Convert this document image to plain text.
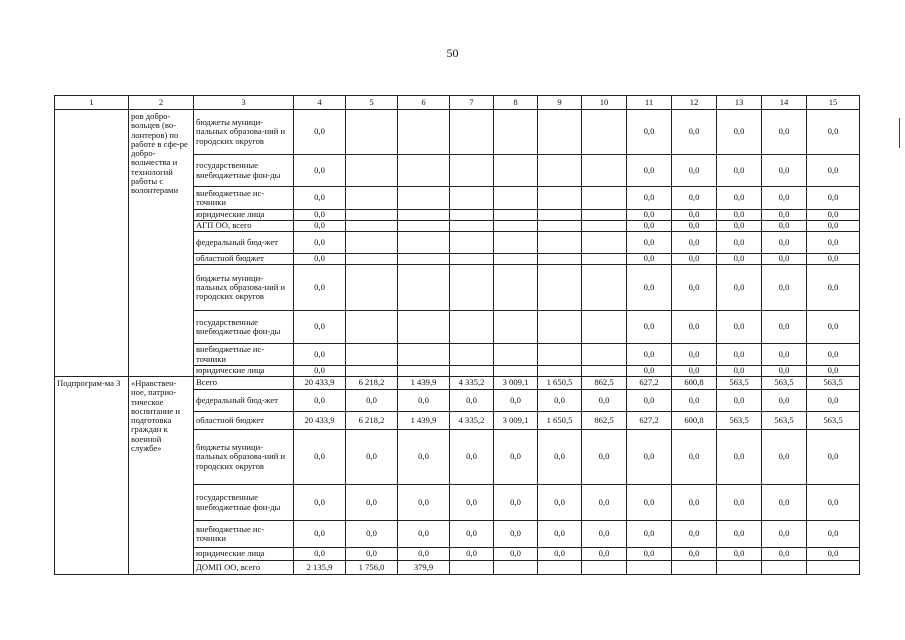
50
1	2	3	4	5	6	7	8	9	10	11	12	13	14	15	
	ров добро-вольцев (во-лонтеров) по работе в сфе-ре добро-вольчества и технологий работы с волонтерами	бюджеты муници-пальных образова-ний и городских округов	0,0							0,0	0,0	0,0	0,0	0,0	
		государственные внебюджетные фон-ды	0,0							0,0	0,0	0,0	0,0	0,0	
		внебюджетные ис-точники	0,0							0,0	0,0	0,0	0,0	0,0	
		юридические лица	0,0							0,0	0,0	0,0	0,0	0,0	
		АГП ОО, всего	0,0							0,0	0,0	0,0	0,0	0,0	
		федеральный бюд-жет	0,0							0,0	0,0	0,0	0,0	0,0	
		областной бюджет	0,0							0,0	0,0	0,0	0,0	0,0	
		бюджеты муници-пальных образова-ний и городских округов	0,0							0,0	0,0	0,0	0,0	0,0	
		государственные внебюджетные фон-ды	0,0							0,0	0,0	0,0	0,0	0,0	
		внебюджетные ис-точники	0,0							0,0	0,0	0,0	0,0	0,0	
		юридические лица	0,0							0,0	0,0	0,0	0,0	0,0	
Подпрограм-ма 3	«Нравствен-ное, патрио-тическое воспитание и подготовка граждан к военной службе»	Всего	20 433,9	6 218,2	1 439,9	4 335,2	3 009,1	1 650,5	862,5	627,2	600,8	563,5	563,5	563,5	
		федеральный бюд-жет	0,0	0,0	0,0	0,0	0,0	0,0	0,0	0,0	0,0	0,0	0,0	0,0	
		областной бюджет	20 433,9	6 218,2	1 439,9	4 335,2	3 009,1	1 650,5	862,5	627,2	600,8	563,5	563,5	563,5	
		бюджеты муници-пальных образова-ний и городских округов	0,0	0,0	0,0	0,0	0,0	0,0	0,0	0,0	0,0	0,0	0,0	0,0	
		государственные внебюджетные фон-ды	0,0	0,0	0,0	0,0	0,0	0,0	0,0	0,0	0,0	0,0	0,0	0,0	
		внебюджетные ис-точники	0,0	0,0	0,0	0,0	0,0	0,0	0,0	0,0	0,0	0,0	0,0	0,0	
		юридические лица	0,0	0,0	0,0	0,0	0,0	0,0	0,0	0,0	0,0	0,0	0,0	0,0	
		ДОМП ОО, всего	2 135,9	1 756,0	379,9										
